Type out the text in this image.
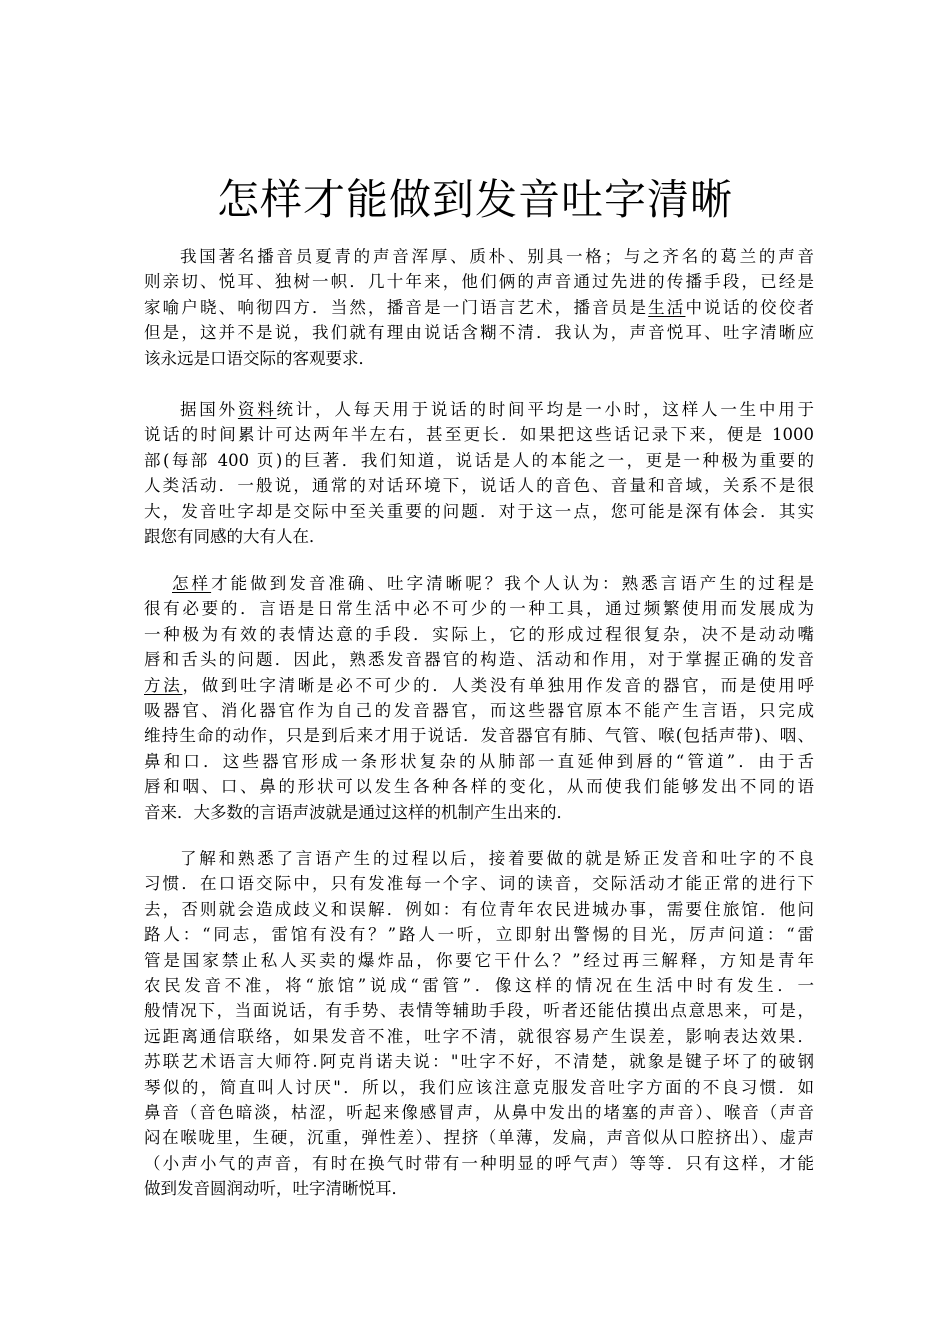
怎样才能做到发音吐字清晰
我国著名播音员夏青的声音浑厚、质朴、别具一格；与之齐名的葛兰的声音
则亲切、悦耳、独树一帜．几十年来，他们俩的声音通过先进的传播手段，已经是
家喻户晓、响彻四方．当然，播音是一门语言艺术，播音员是生活中说话的佼佼者
但是，这并不是说，我们就有理由说话含糊不清．我认为，声音悦耳、吐字清晰应
该永远是口语交际的客观要求．
据国外资料统计，人每天用于说话的时间平均是一小时，这样人一生中用于
说话的时间累计可达两年半左右，甚至更长．如果把这些话记录下来，便是 1000
部(每部 400 页)的巨著．我们知道，说话是人的本能之一，更是一种极为重要的
人类活动．一般说，通常的对话环境下，说话人的音色、音量和音域，关系不是很
大，发音吐字却是交际中至关重要的问题．对于这一点，您可能是深有体会．其实
跟您有同感的大有人在．
怎样才能做到发音准确、吐字清晰呢？我个人认为：熟悉言语产生的过程是
很有必要的．言语是日常生活中必不可少的一种工具，通过频繁使用而发展成为
一种极为有效的表情达意的手段．实际上，它的形成过程很复杂，决不是动动嘴
唇和舌头的问题．因此，熟悉发音器官的构造、活动和作用，对于掌握正确的发音
方法，做到吐字清晰是必不可少的．人类没有单独用作发音的器官，而是使用呼
吸器官、消化器官作为自己的发音器官，而这些器官原本不能产生言语，只完成
维持生命的动作，只是到后来才用于说话．发音器官有肺、气管、喉(包括声带)、咽、
鼻和口．这些器官形成一条形状复杂的从肺部一直延伸到唇的“管道”．由于舌
唇和咽、口、鼻的形状可以发生各种各样的变化，从而使我们能够发出不同的语
音来．大多数的言语声波就是通过这样的机制产生出来的．
了解和熟悉了言语产生的过程以后，接着要做的就是矫正发音和吐字的不良
习惯．在口语交际中，只有发准每一个字、词的读音，交际活动才能正常的进行下
去，否则就会造成歧义和误解．例如：有位青年农民进城办事，需要住旅馆．他问
路人：“同志，雷馆有没有？”路人一听，立即射出警惕的目光，厉声问道：“雷
管是国家禁止私人买卖的爆炸品，你要它干什么？”经过再三解释，方知是青年
农民发音不准，将“旅馆”说成“雷管”．像这样的情况在生活中时有发生．一
般情况下，当面说话，有手势、表情等辅助手段，听者还能估摸出点意思来，可是，
远距离通信联络，如果发音不准，吐字不清，就很容易产生误差，影响表达效果．
苏联艺术语言大师符.阿克肖诺夫说："吐字不好，不清楚，就象是键子坏了的破钢
琴似的，简直叫人讨厌"．所以，我们应该注意克服发音吐字方面的不良习惯．如
鼻音（音色暗淡，枯涩，听起来像感冒声，从鼻中发出的堵塞的声音）、喉音（声音
闷在喉咙里，生硬，沉重，弹性差）、捏挤（单薄，发扁，声音似从口腔挤出）、虚声
（小声小气的声音，有时在换气时带有一种明显的呼气声）等等．只有这样，才能
做到发音圆润动听，吐字清晰悦耳．
